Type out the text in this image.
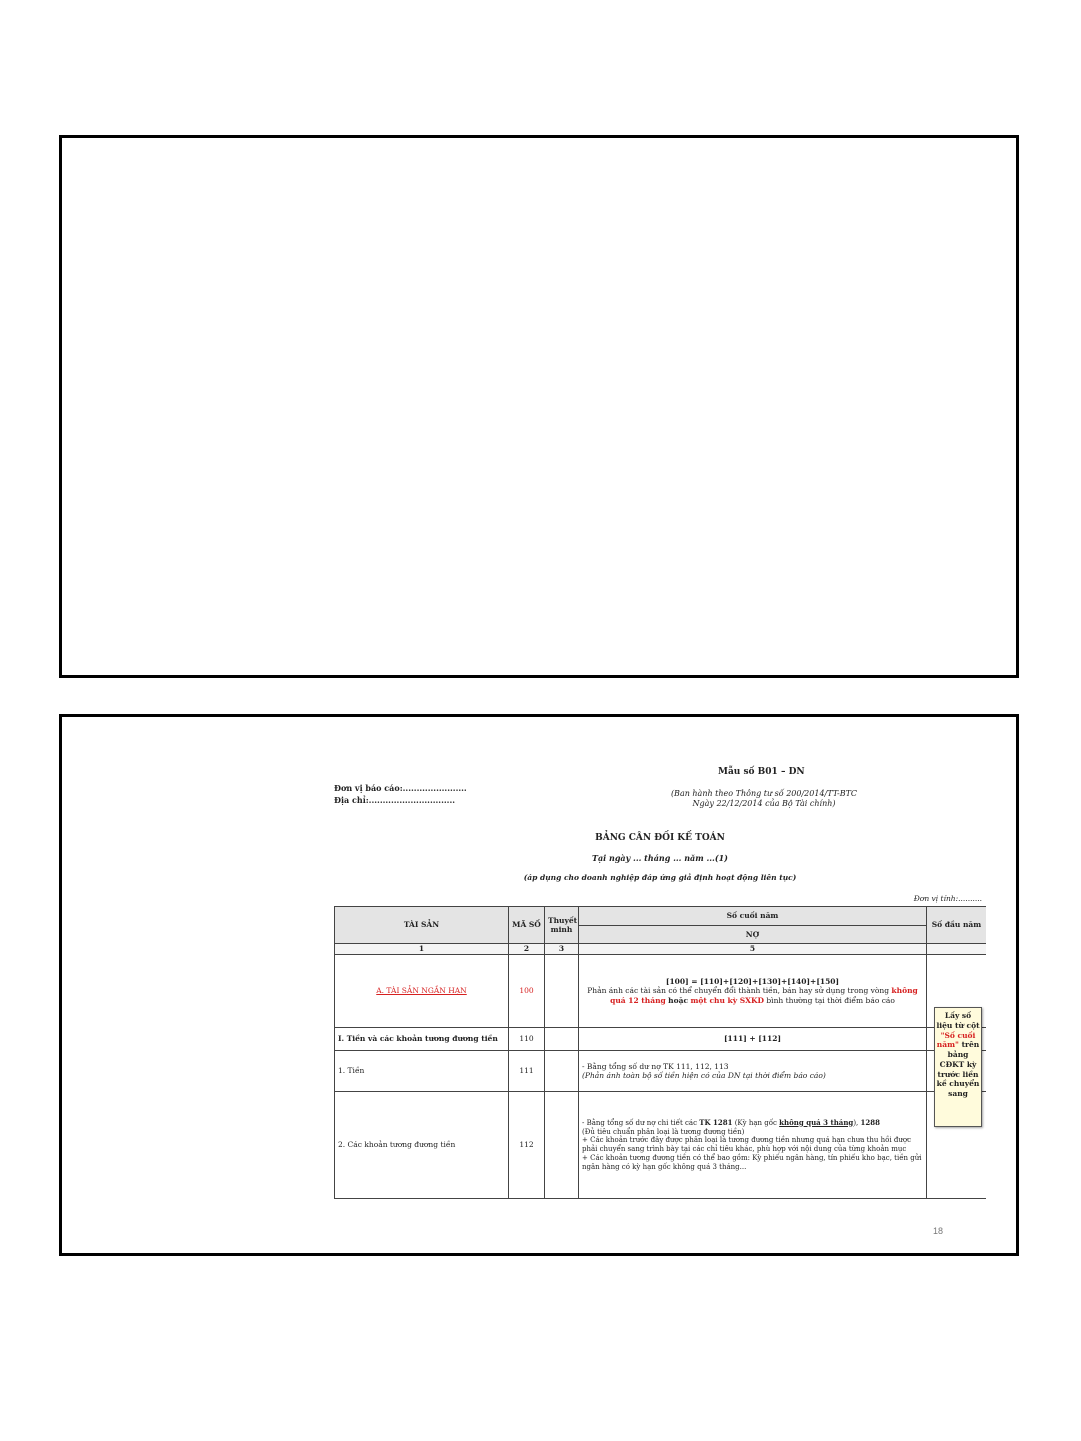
Đơn vị báo cáo:.......................
Địa chỉ:...............................
Mẫu số B01 – DN
(Ban hành theo Thông tư số 200/2014/TT-BTC
Ngày 22/12/2014 của Bộ Tài chính)
BẢNG CÂN ĐỐI KẾ TOÁN
Tại ngày ... tháng ... năm ...(1)
(áp dụng cho doanh nghiệp đáp ứng giả định hoạt động liên tục)
Đơn vị tính:..........
TÀI SẢN	MÃ SỐ	Thuyết minh	Số cuối năm	Số đầu năm
			NỢ	
1	2	3	5	
A. TÀI SẢN NGẮN HẠN	100		[100] = [110]+[120]+[130]+[140]+[150]
Phản ánh các tài sản có thể chuyển đổi thành tiền, bán hay sử dụng trong vòng không quá 12 tháng hoặc một chu kỳ SXKD bình thường tại thời điểm báo cáo	

I. Tiền và các khoản tương đương tiền	110		[111] + [112]	
1. Tiền	111		- Bằng tổng số dư nợ TK 111, 112, 113
(Phản ánh toàn bộ số tiền hiện có của DN tại thời điểm báo cáo)	

2. Các khoản tương đương tiền	112		- Bằng tổng số dư nợ chi tiết các TK 1281 (Kỳ hạn gốc không quá 3 tháng), 1288
(Đủ tiêu chuẩn phân loại là tương đương tiền)
+ Các khoản trước đây được phân loại là tương đương tiền nhưng quá hạn chưa thu hồi được phải chuyển sang trình bày tại các chỉ tiêu khác, phù hợp với nội dung của từng khoản mục
+ Các khoản tương đương tiền có thể bao gồm: Kỳ phiếu ngân hàng, tín phiếu kho bạc, tiền gửi ngân hàng có kỳ hạn gốc không quá 3 tháng...	

Lấy số liệu từ cột "Số cuối năm" trên bảng CĐKT kỳ trước liền kề chuyển sang
18
